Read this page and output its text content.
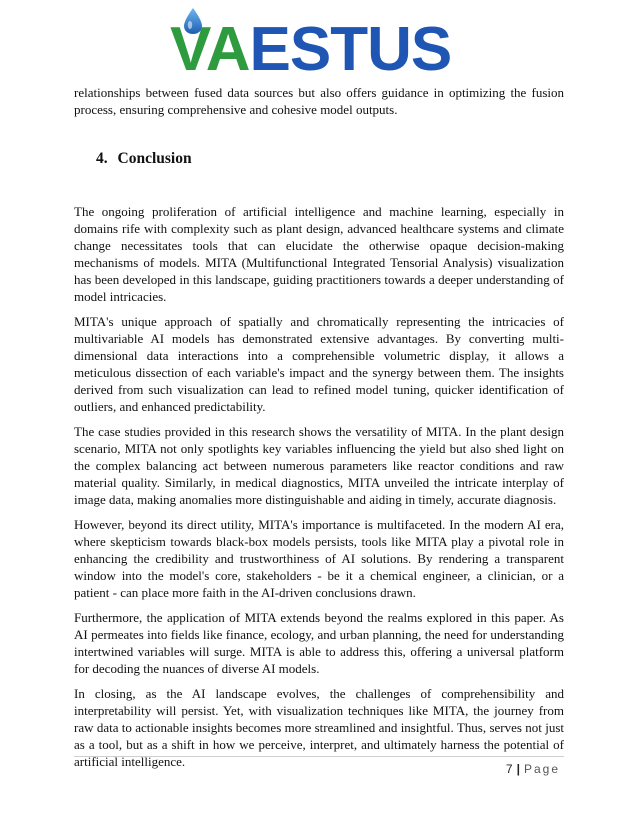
VAESTUS
relationships between fused data sources but also offers guidance in optimizing the fusion process, ensuring comprehensive and cohesive model outputs.
4. Conclusion

The ongoing proliferation of artificial intelligence and machine learning, especially in domains rife with complexity such as plant design, advanced healthcare systems and climate change necessitates tools that can elucidate the otherwise opaque decision-making mechanisms of models. MITA (Multifunctional Integrated Tensorial Analysis) visualization has been developed in this landscape, guiding practitioners towards a deeper understanding of model intricacies.

MITA's unique approach of spatially and chromatically representing the intricacies of multivariable AI models has demonstrated extensive advantages. By converting multi-dimensional data interactions into a comprehensible volumetric display, it allows a meticulous dissection of each variable's impact and the synergy between them. The insights derived from such visualization can lead to refined model tuning, quicker identification of outliers, and enhanced predictability.

The case studies provided in this research shows the versatility of MITA. In the plant design scenario, MITA not only spotlights key variables influencing the yield but also shed light on the complex balancing act between numerous parameters like reactor conditions and raw material quality. Similarly, in medical diagnostics, MITA unveiled the intricate interplay of image data, making anomalies more distinguishable and aiding in timely, accurate diagnosis.

However, beyond its direct utility, MITA's importance is multifaceted. In the modern AI era, where skepticism towards black-box models persists, tools like MITA play a pivotal role in enhancing the credibility and trustworthiness of AI solutions. By rendering a transparent window into the model's core, stakeholders - be it a chemical engineer, a clinician, or a patient - can place more faith in the AI-driven conclusions drawn.

Furthermore, the application of MITA extends beyond the realms explored in this paper. As AI permeates into fields like finance, ecology, and urban planning, the need for understanding intertwined variables will surge. MITA is able to address this, offering a universal platform for decoding the nuances of diverse AI models.

In closing, as the AI landscape evolves, the challenges of comprehensibility and interpretability will persist. Yet, with visualization techniques like MITA, the journey from raw data to actionable insights becomes more streamlined and insightful. Thus, serves not just as a tool, but as a shift in how we perceive, interpret, and ultimately harness the potential of artificial intelligence.	7 | Page
